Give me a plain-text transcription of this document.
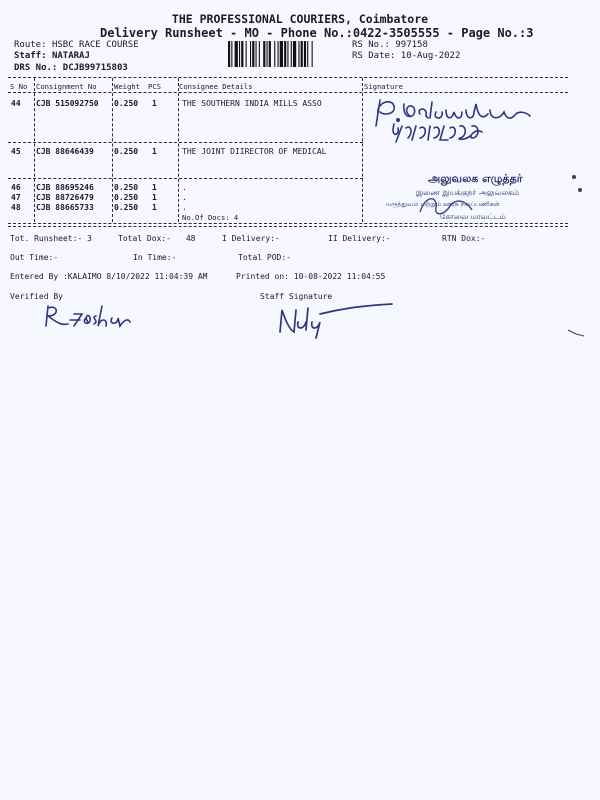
THE PROFESSIONAL COURIERS, Coimbatore
Delivery Runsheet - MO - Phone No.:0422-3505555 - Page No.:3
Route: HSBC RACE COURSE
Staff: NATARAJ
DRS No.: DCJB99715803
RS No.: 997158
RS Date: 10-Aug-2022
S No Consignment No Weight PCS	Consignee Details	Signature
44 CJB 515092750 0.250 1	THE SOUTHERN INDIA MILLS ASSO
45 CJB 88646439	0.250 1	THE JOINT DIIRECTOR OF MEDICAL
46 CJB 88695246	0.250 1	.
47 CJB 88726479	0.250 1	.
48 CJB 88665733	0.250 1	.
No.Of Docs: 4
Tot. Runsheet:- 3	Total Dox:- 48	I Delivery:-	II Delivery:-	RTN Dox:-
Out Time:-	In Time:-	Total POD:-
Entered By :KALAIMO 8/10/2022 11:04:39 AM	Printed on: 10-08-2022 11:04:55
Verified By	Staff Signature
அலுவலக எழுத்தர்
இணை இயக்குநர் அலுவலகம்
மருத்துவம் மற்றும் ஊரக நலப்பணிகள்
கோவை மாவட்டம்
